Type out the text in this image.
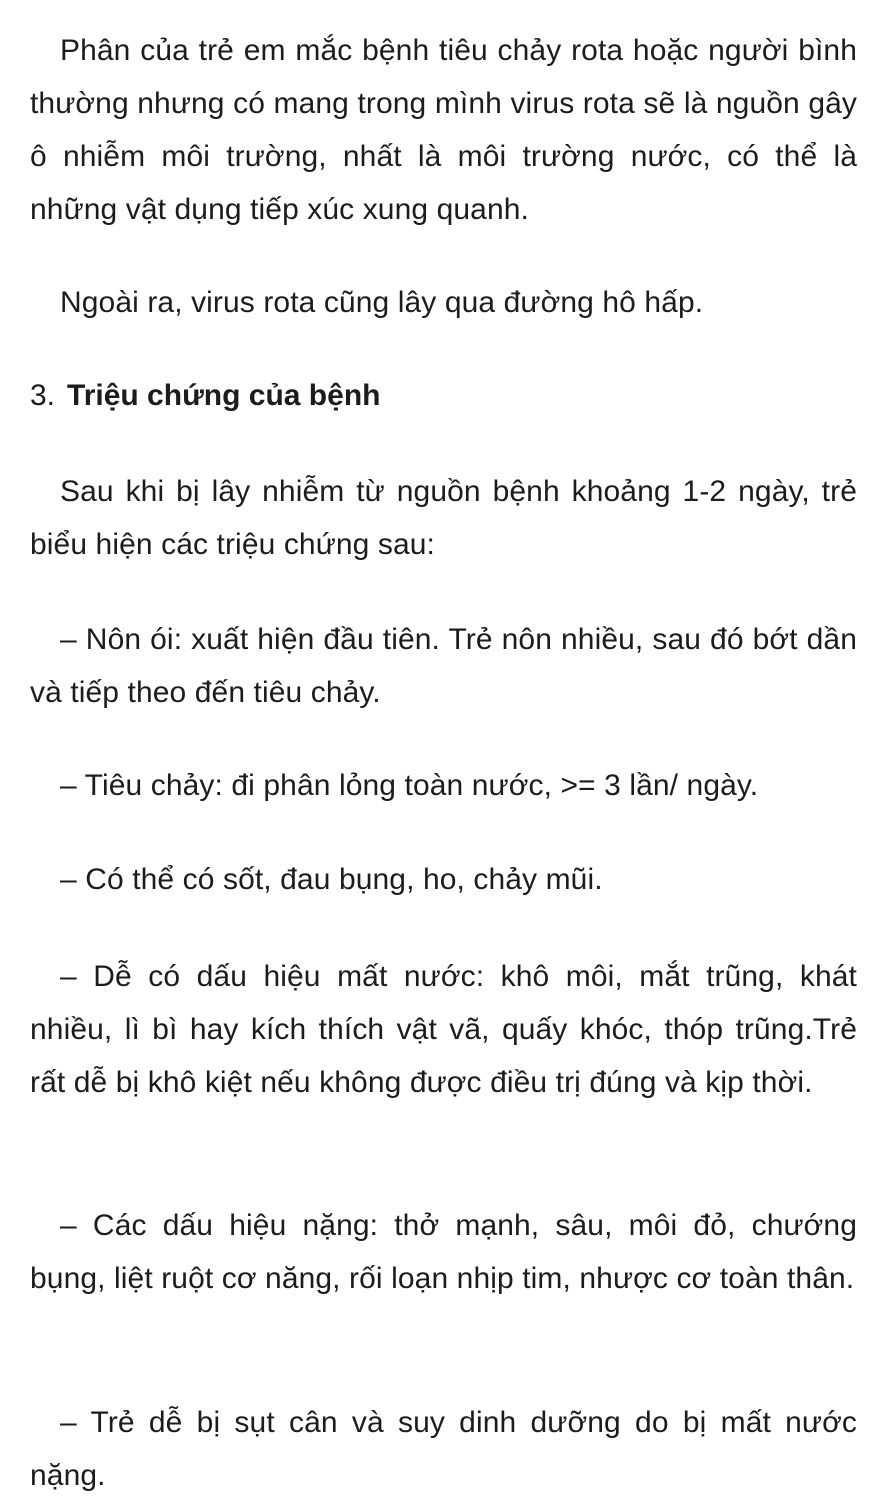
Phân của trẻ em mắc bệnh tiêu chảy rota hoặc người bình thường nhưng có mang trong mình virus rota sẽ là nguồn gây ô nhiễm môi trường, nhất là môi trường nước, có thể là những vật dụng tiếp xúc xung quanh.

Ngoài ra, virus rota cũng lây qua đường hô hấp.

3. Triệu chứng của bệnh

Sau khi bị lây nhiễm từ nguồn bệnh khoảng 1-2 ngày, trẻ biểu hiện các triệu chứng sau:

– Nôn ói: xuất hiện đầu tiên. Trẻ nôn nhiều, sau đó bớt dần và tiếp theo đến tiêu chảy.

– Tiêu chảy: đi phân lỏng toàn nước, >= 3 lần/ ngày.

– Có thể có sốt, đau bụng, ho, chảy mũi.

– Dễ có dấu hiệu mất nước: khô môi, mắt trũng, khát nhiều, lì bì hay kích thích vật vã, quấy khóc, thóp trũng.Trẻ rất dễ bị khô kiệt nếu không được điều trị đúng và kịp thời.

– Các dấu hiệu nặng: thở mạnh, sâu, môi đỏ, chướng bụng, liệt ruột cơ năng, rối loạn nhịp tim, nhược cơ toàn thân.

– Trẻ dễ bị sụt cân và suy dinh dưỡng do bị mất nước nặng.
